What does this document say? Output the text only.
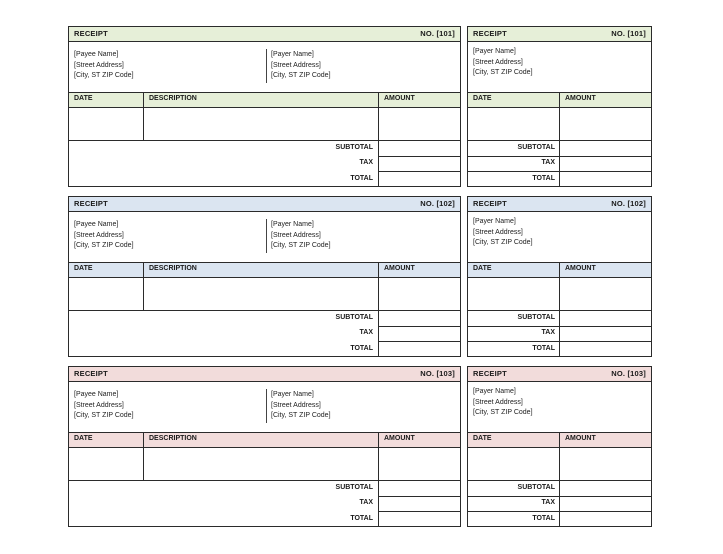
RECEIPT	NO. [101]
[Payee Name]
[Street Address]
[City, ST ZIP Code]
[Payer Name]
[Street Address]
[City, ST ZIP Code]
DATE	DESCRIPTION	AMOUNT
SUBTOTAL
TAX
TOTAL
RECEIPT	NO. [101]
[Payer Name]
[Street Address]
[City, ST ZIP Code]
DATE	AMOUNT
SUBTOTAL
TAX
TOTAL
RECEIPT	NO. [102]
[Payee Name]
[Street Address]
[City, ST ZIP Code]
[Payer Name]
[Street Address]
[City, ST ZIP Code]
DATE	DESCRIPTION	AMOUNT
SUBTOTAL
TAX
TOTAL
RECEIPT	NO. [102]
[Payer Name]
[Street Address]
[City, ST ZIP Code]
DATE	AMOUNT
SUBTOTAL
TAX
TOTAL
RECEIPT	NO. [103]
[Payee Name]
[Street Address]
[City, ST ZIP Code]
[Payer Name]
[Street Address]
[City, ST ZIP Code]
DATE	DESCRIPTION	AMOUNT
SUBTOTAL
TAX
TOTAL
RECEIPT	NO. [103]
[Payer Name]
[Street Address]
[City, ST ZIP Code]
DATE	AMOUNT
SUBTOTAL
TAX
TOTAL
